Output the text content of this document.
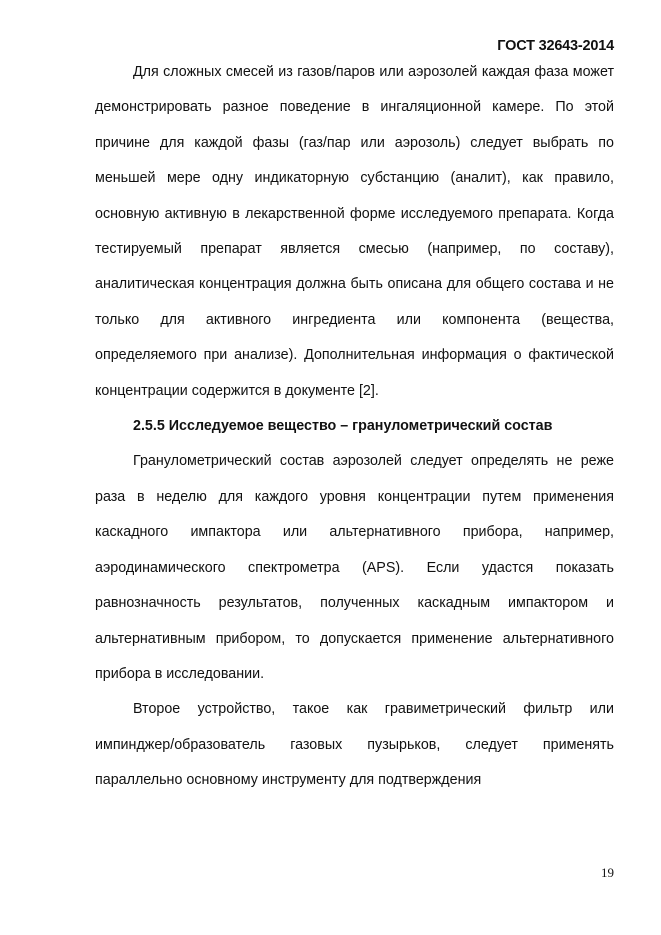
ГОСТ 32643-2014

Для сложных смесей из газов/паров или аэрозолей каждая фаза может демонстрировать разное поведение в ингаляционной камере. По этой причине для каждой фазы (газ/пар или аэрозоль) следует выбрать по меньшей мере одну индикаторную субстанцию (аналит), как правило, основную активную в лекарственной форме исследуемого препарата. Когда тестируемый препарат является смесью (например, по составу), аналитическая концентрация должна быть описана для общего состава и не только для активного ингредиента или компонента (вещества, определяемого при анализе). Дополнительная информация о фактической концентрации содержится в документе [2].

2.5.5 Исследуемое вещество – гранулометрический состав

Гранулометрический состав аэрозолей следует определять не реже раза в неделю для каждого уровня концентрации путем применения каскадного импактора или альтернативного прибора, например, аэродинамического спектрометра (APS). Если удастся показать равнозначность результатов, полученных каскадным импактором и альтернативным прибором, то допускается применение альтернативного прибора в исследовании.

Второе устройство, такое как гравиметрический фильтр или импинджер/образователь газовых пузырьков, следует применять параллельно основному инструменту для подтверждения

19
